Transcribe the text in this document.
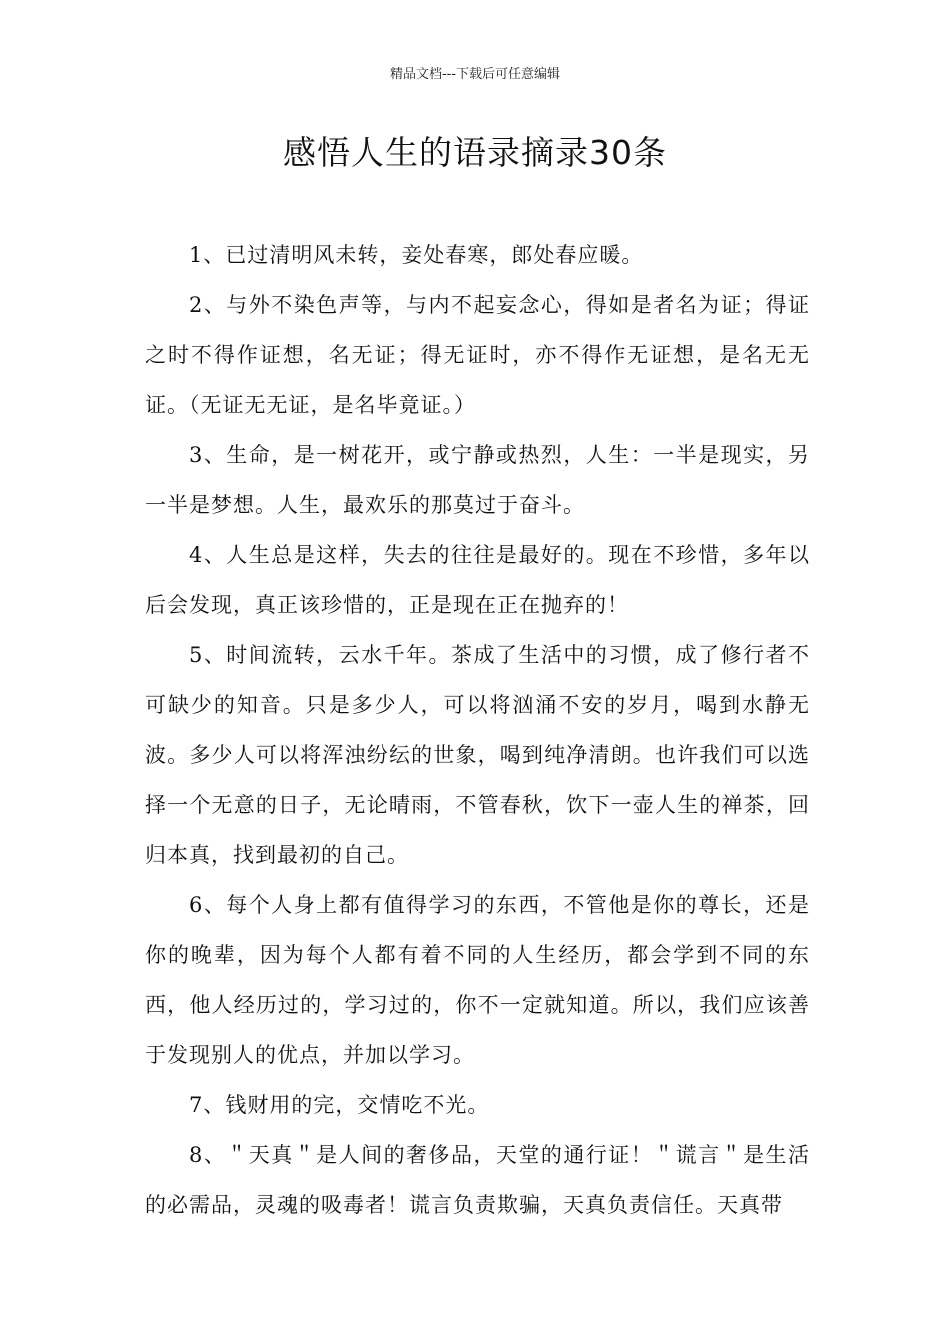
精品文档---下载后可任意编辑
感悟人生的语录摘录30条

1、已过清明风未转，妾处春寒，郎处春应暖。

2、与外不染色声等，与内不起妄念心，得如是者名为证；得证之时不得作证想，名无证；得无证时，亦不得作无证想，是名无无证。（无证无无证，是名毕竟证。）

3、生命，是一树花开，或宁静或热烈，人生：一半是现实，另一半是梦想。人生，最欢乐的那莫过于奋斗。

4、人生总是这样，失去的往往是最好的。现在不珍惜，多年以后会发现，真正该珍惜的，正是现在正在抛弃的！

5、时间流转，云水千年。茶成了生活中的习惯，成了修行者不可缺少的知音。只是多少人，可以将汹涌不安的岁月，喝到水静无波。多少人可以将浑浊纷纭的世象，喝到纯净清朗。也许我们可以选择一个无意的日子，无论晴雨，不管春秋，饮下一壶人生的禅茶，回归本真，找到最初的自己。

6、每个人身上都有值得学习的东西，不管他是你的尊长，还是你的晚辈，因为每个人都有着不同的人生经历，都会学到不同的东西，他人经历过的，学习过的，你不一定就知道。所以，我们应该善于发现别人的优点，并加以学习。

7、钱财用的完，交情吃不光。

8、＂天真＂是人间的奢侈品，天堂的通行证！＂谎言＂是生活的必需品，灵魂的吸毒者！谎言负责欺骗，天真负责信任。天真带
